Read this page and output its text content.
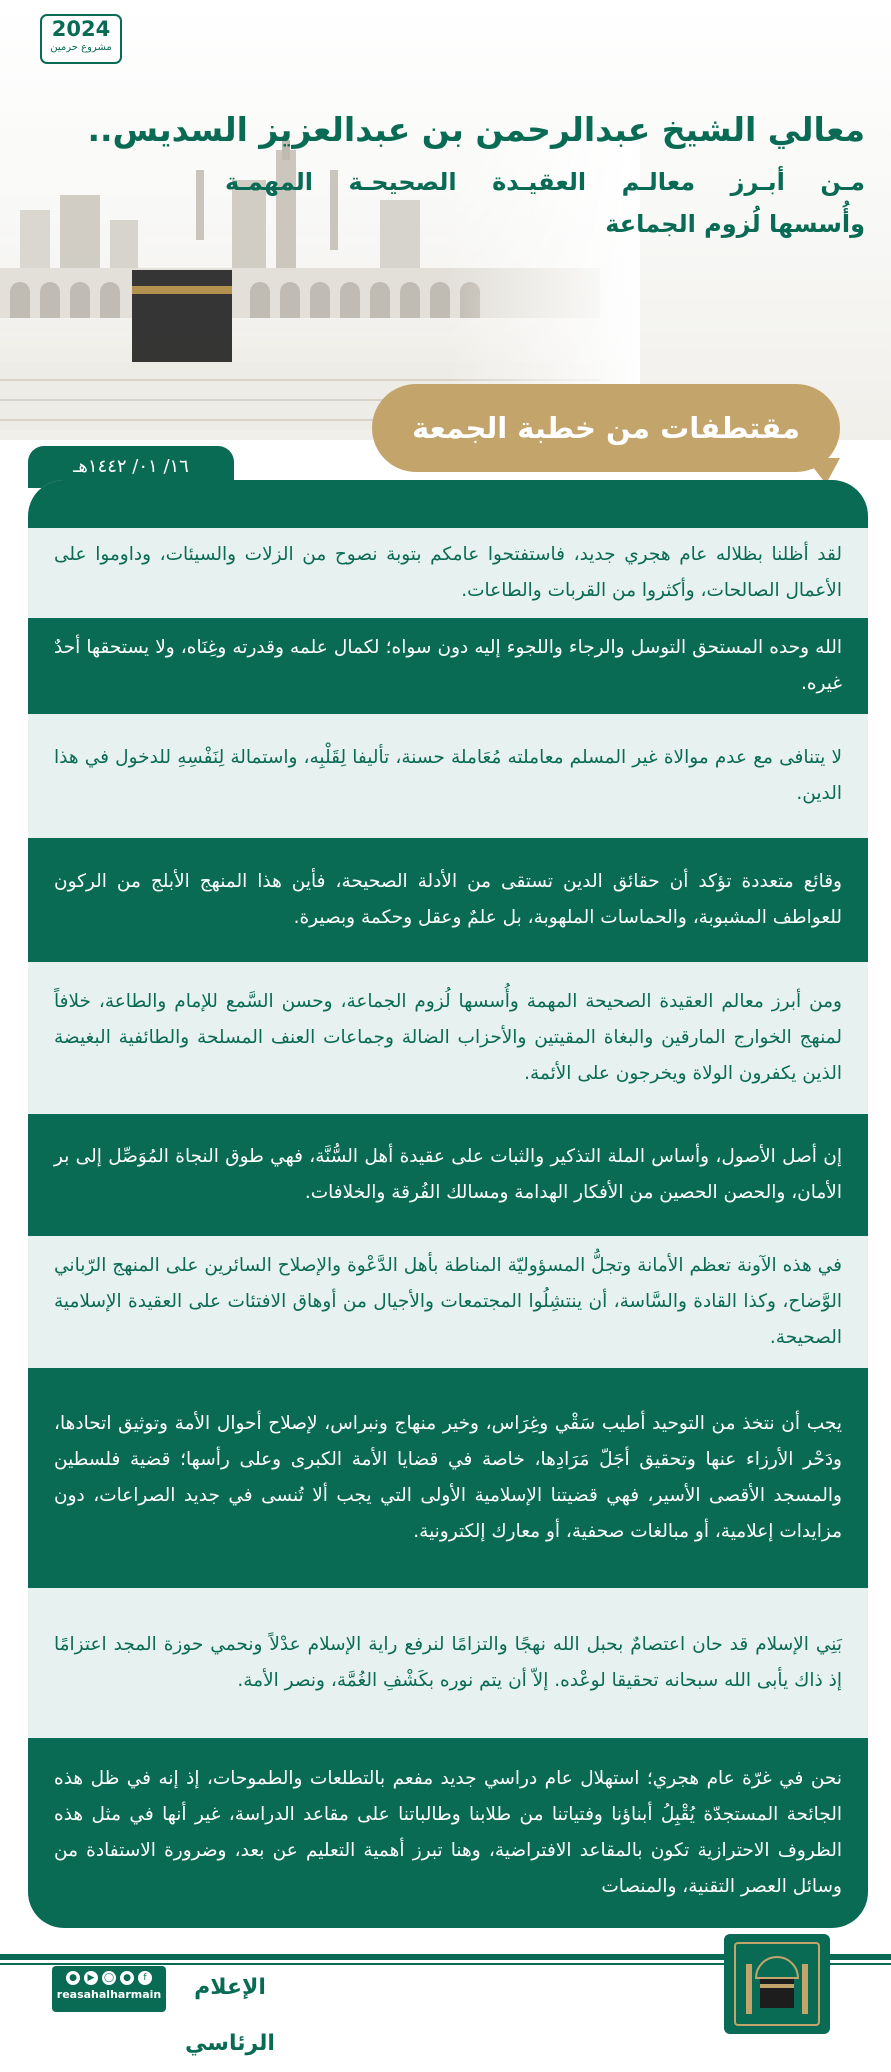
2024
مشروع حرمين
معالي الشيخ عبدالرحمن بن عبدالعزيز السديس..
مـن أبـرز معالـم العقيـدة الصحيحـة المهمـة
وأُسسها لُزوم الجماعة
مقتطفات من خطبة الجمعة
١٦/ ٠١/ ١٤٤٢هـ

لقد أظلنا بظلاله عام هجري جديد، فاستفتحوا عامكم بتوبة نصوح من الزلات والسيئات، وداوموا على الأعمال الصالحات، وأكثروا من القربات والطاعات.

الله وحده المستحق التوسل والرجاء واللجوء إليه دون سواه؛ لكمال علمه وقدرته وغِنَاه، ولا يستحقها أحدٌ غيره.

لا يتنافى مع عدم موالاة غير المسلم معاملته مُعَاملة حسنة، تأليفا لِقَلْبِه، واستمالة لِنَفْسِهِ للدخول في هذا الدين.

وقائع متعددة تؤكد أن حقائق الدين تستقى من الأدلة الصحيحة، فأين هذا المنهج الأبلج من الركون للعواطف المشبوبة، والحماسات الملهوبة، بل علمٌ وعقل وحكمة وبصيرة.

ومن أبرز معالم العقيدة الصحيحة المهمة وأُسسها لُزوم الجماعة، وحسن السَّمع للإمام والطاعة، خلافاً لمنهج الخوارج المارقين والبغاة المقيتين والأحزاب الضالة وجماعات العنف المسلحة والطائفية البغيضة الذين يكفرون الولاة ويخرجون على الأئمة.

إن أصل الأصول، وأساس الملة التذكير والثبات على عقيدة أهل السُّنَّة، فهي طوق النجاة المُوَصِّل إلى بر الأمان، والحصن الحصين من الأفكار الهدامة ومسالك الفُرقة والخلافات.

في هذه الآونة تعظم الأمانة وتجلُّ المسؤوليّة المناطة بأهل الدَّعْوة والإصلاح السائرين على المنهج الرّباني الوَّضاح، وكذا القادة والسَّاسة، أن ينتشِلُوا المجتمعات والأجيال من أوهاق الافتئات على العقيدة الإسلامية الصحيحة.

يجب أن نتخذ من التوحيد أطيب سَقْي وغِرَاس، وخير منهاج ونبراس، لإصلاح أحوال الأمة وتوثيق اتحادها، ودَحْر الأرزاء عنها وتحقيق أجَلّ مَرَادِها، خاصة في قضايا الأمة الكبرى وعلى رأسها؛ قضية فلسطين والمسجد الأقصى الأسير، فهي قضيتنا الإسلامية الأولى التي يجب ألا تُنسى في جديد الصراعات، دون مزايدات إعلامية، أو مبالغات صحفية، أو معارك إلكترونية.

بَنِي الإسلام قد حان اعتصامٌ بحبل الله نهجًا والتزامًا لنرفع راية الإسلام عدْلاً ونحمي حوزة المجد اعتزامًا إذ ذاك يأبى الله سبحانه تحقيقا لوعْده. إلاّ أن يتم نوره بكَشْفِ الغُمَّة، ونصر الأمة.

نحن في غرّة عام هجري؛ استهلال عام دراسي جديد مفعم بالتطلعات والطموحات، إذ إنه في ظل هذه الجائحة المستجدّة يُقْبِلُ أبناؤنا وفتياتنا من طلابنا وطالباتنا على مقاعد الدراسة، غير أنها في مثل هذه الظروف الاحترازية تكون بالمقاعد الافتراضية، وهنا تبرز أهمية التعليم عن بعد، وضرورة الاستفادة من وسائل العصر التقنية، والمنصات

●	▶	◯	●	f
reasahalharmain	الإعلام الرئاسي
